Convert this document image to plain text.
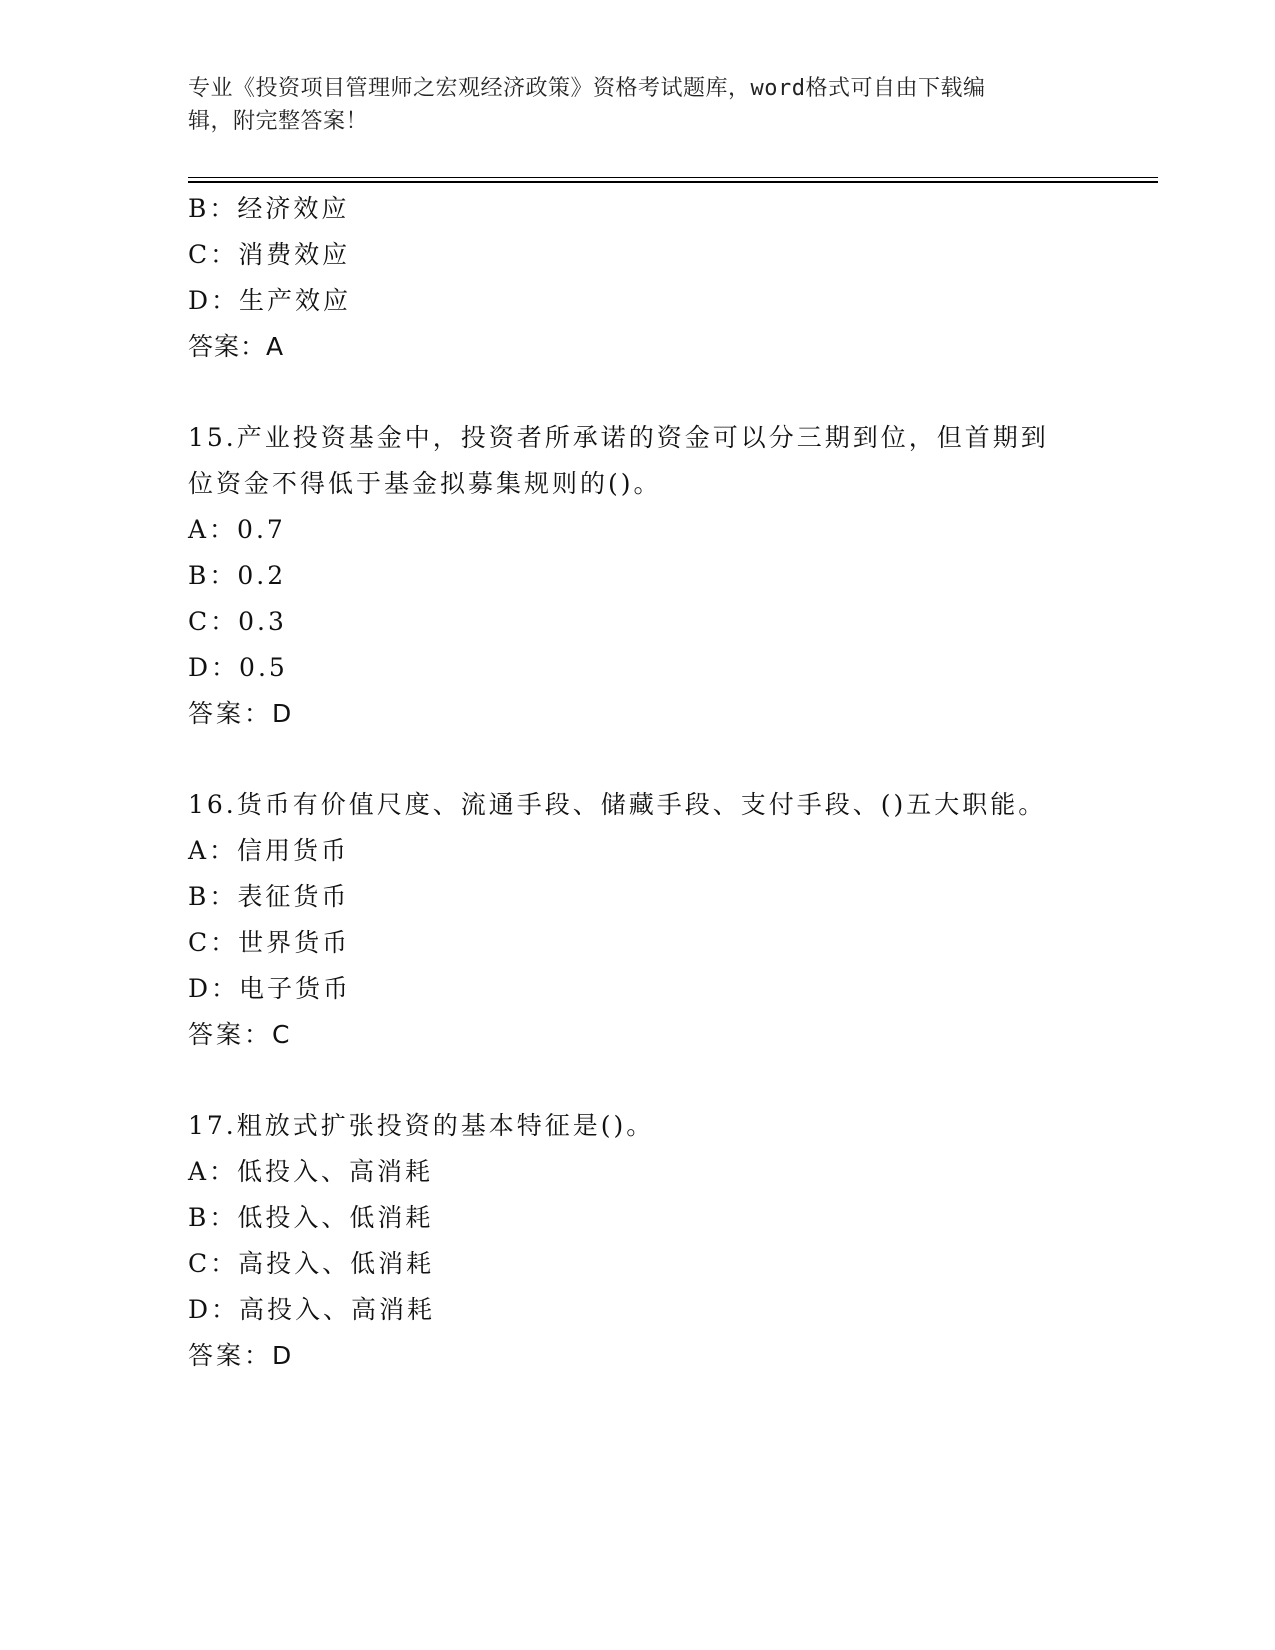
专业《投资项目管理师之宏观经济政策》资格考试题库，word格式可自由下载编
辑，附完整答案！
B：经济效应
C：消费效应
D：生产效应
答案：A
15.产业投资基金中，投资者所承诺的资金可以分三期到位，但首期到
位资金不得低于基金拟募集规则的()。
A：0.7
B：0.2
C：0.3
D：0.5
答案：D
16.货币有价值尺度、流通手段、储藏手段、支付手段、()五大职能。
A：信用货币
B：表征货币
C：世界货币
D：电子货币
答案：C
17.粗放式扩张投资的基本特征是()。
A：低投入、高消耗
B：低投入、低消耗
C：高投入、低消耗
D：高投入、高消耗
答案：D
